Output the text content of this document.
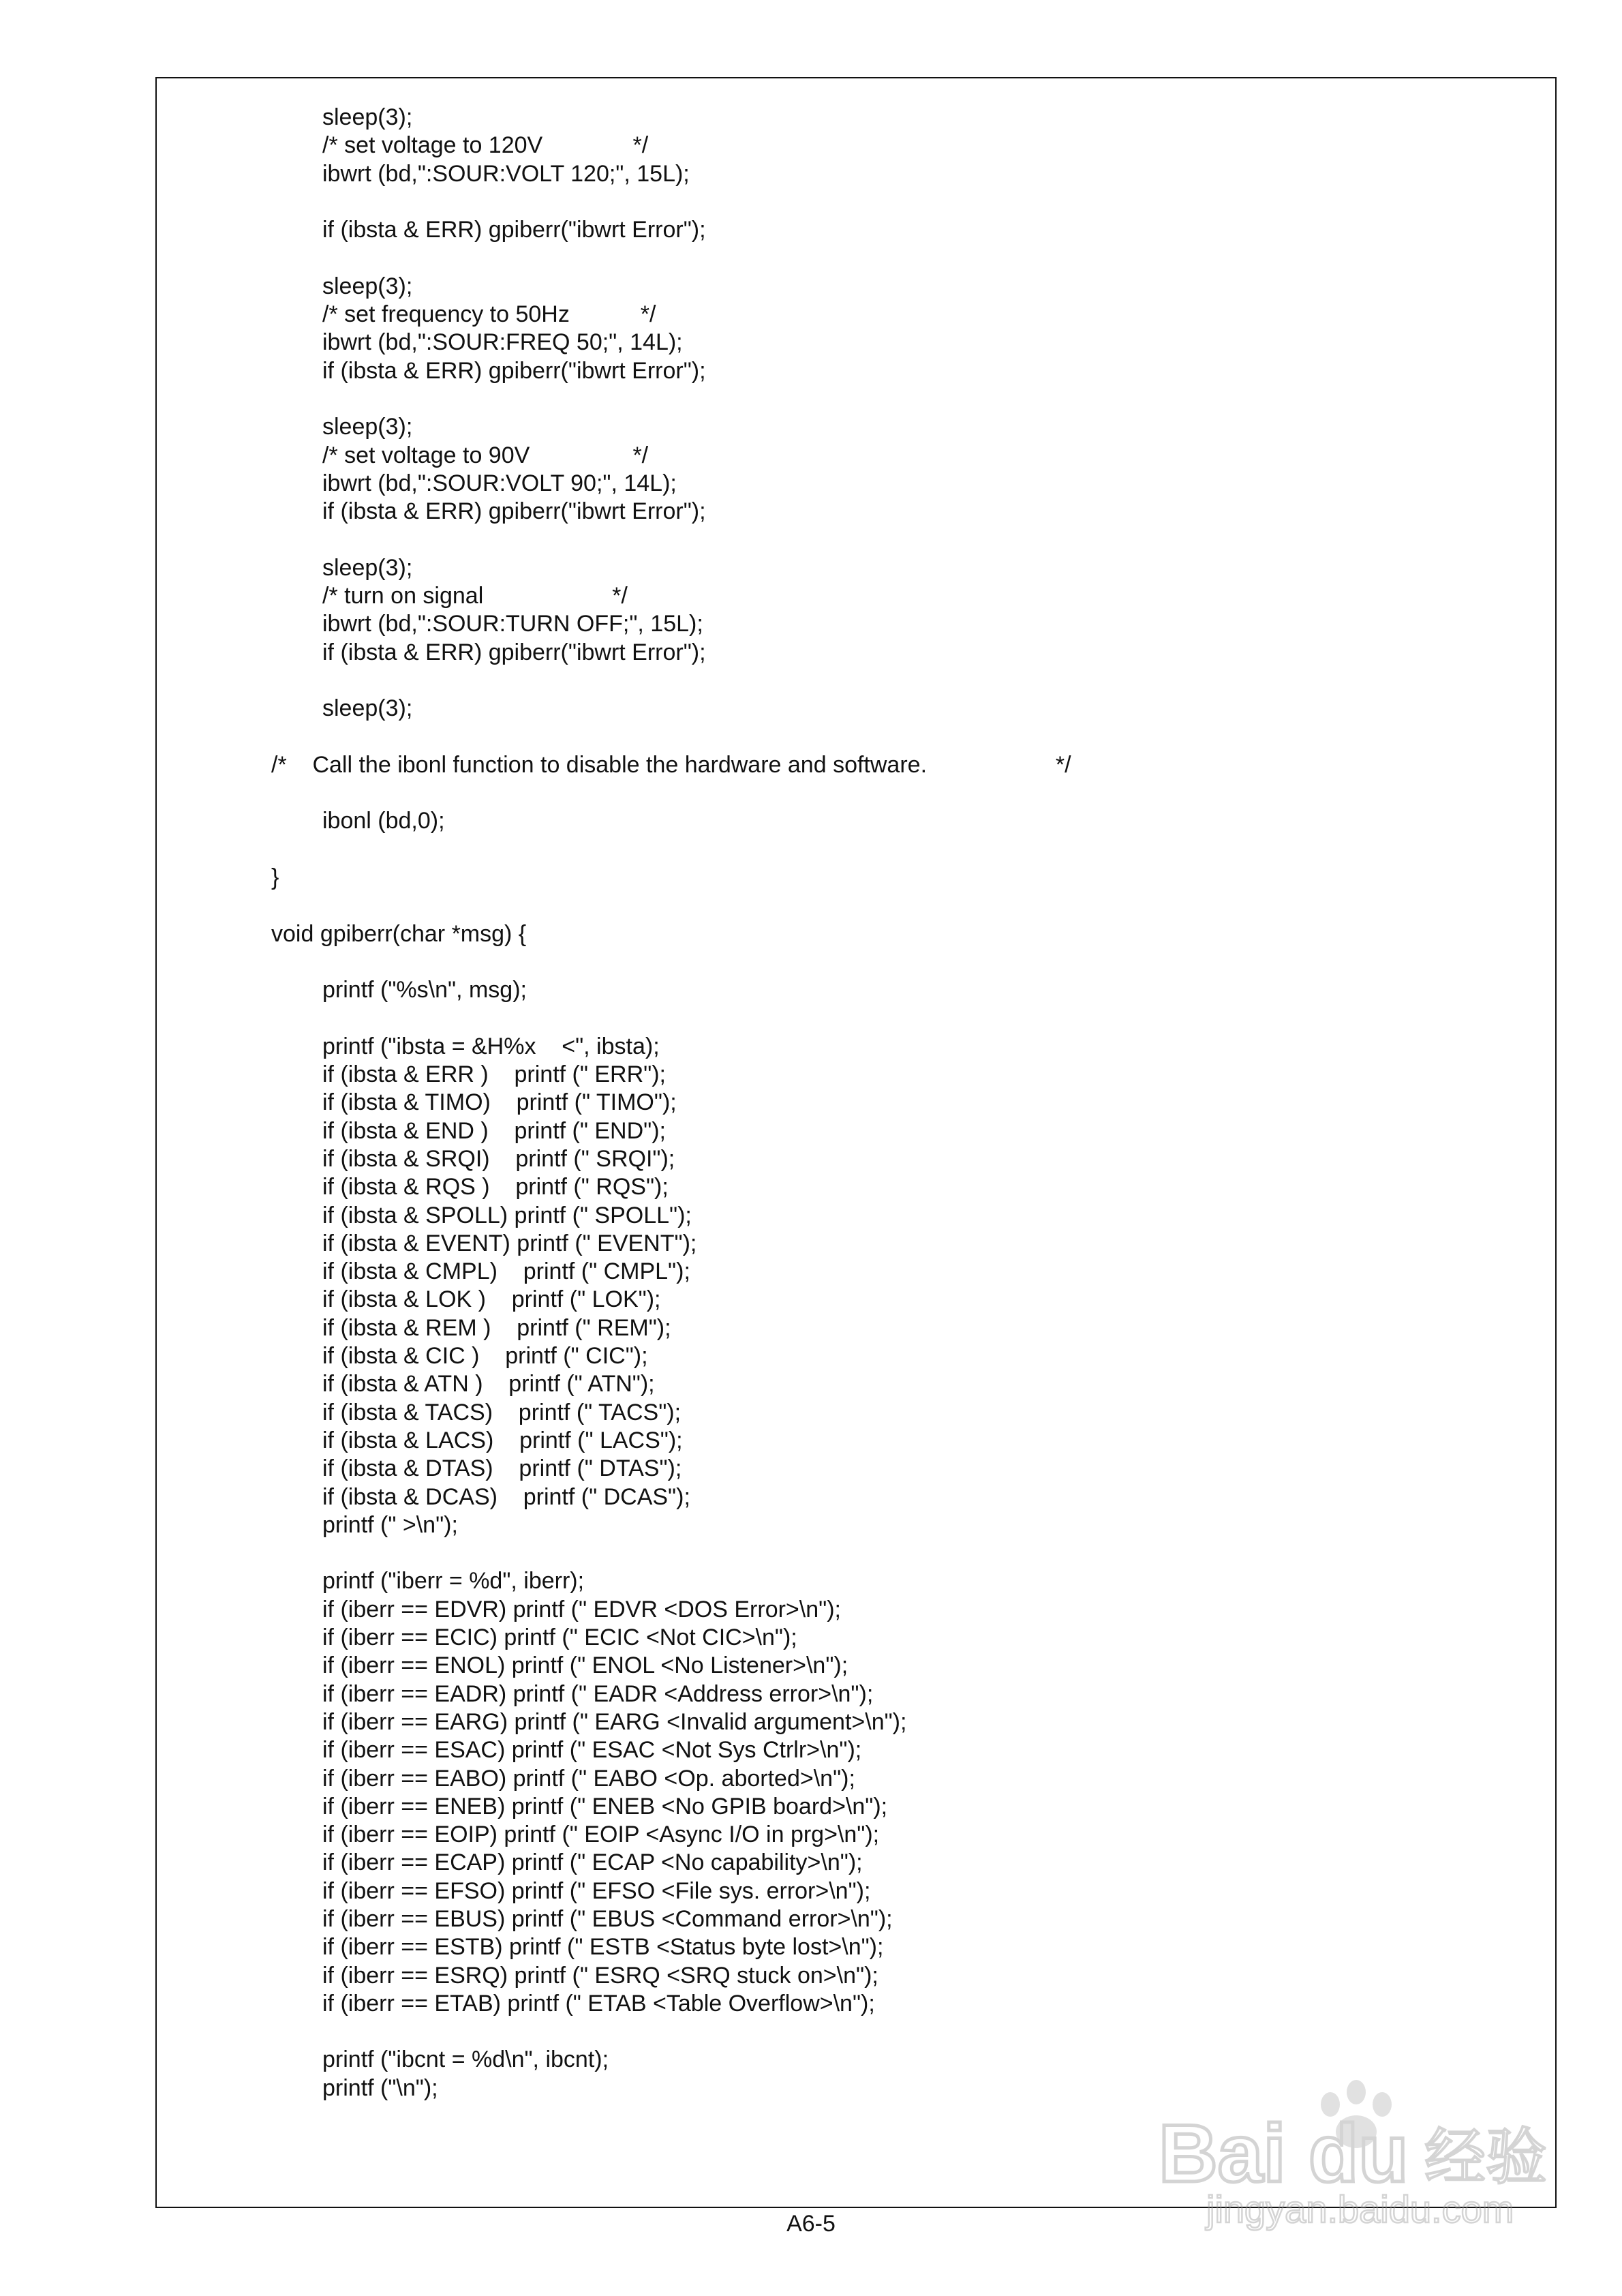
sleep(3);
/* set voltage to 120V              */
ibwrt (bd,":SOUR:VOLT 120;", 15L);
if (ibsta & ERR) gpiberr("ibwrt Error");
sleep(3);
/* set frequency to 50Hz           */
ibwrt (bd,":SOUR:FREQ 50;", 14L);
if (ibsta & ERR) gpiberr("ibwrt Error");
sleep(3);
/* set voltage to 90V                */
ibwrt (bd,":SOUR:VOLT 90;", 14L);
if (ibsta & ERR) gpiberr("ibwrt Error");
sleep(3);
/* turn on signal                    */
ibwrt (bd,":SOUR:TURN OFF;", 15L);
if (ibsta & ERR) gpiberr("ibwrt Error");
sleep(3);
/*    Call the ibonl function to disable the hardware and software.                    */
ibonl (bd,0);
}
void gpiberr(char *msg) {
printf ("%s\n", msg);
printf ("ibsta = &H%x    <", ibsta);
if (ibsta & ERR )    printf (" ERR");
if (ibsta & TIMO)    printf (" TIMO");
if (ibsta & END )    printf (" END");
if (ibsta & SRQI)    printf (" SRQI");
if (ibsta & RQS )    printf (" RQS");
if (ibsta & SPOLL) printf (" SPOLL");
if (ibsta & EVENT) printf (" EVENT");
if (ibsta & CMPL)    printf (" CMPL");
if (ibsta & LOK )    printf (" LOK");
if (ibsta & REM )    printf (" REM");
if (ibsta & CIC )    printf (" CIC");
if (ibsta & ATN )    printf (" ATN");
if (ibsta & TACS)    printf (" TACS");
if (ibsta & LACS)    printf (" LACS");
if (ibsta & DTAS)    printf (" DTAS");
if (ibsta & DCAS)    printf (" DCAS");
printf (" >\n");
printf ("iberr = %d", iberr);
if (iberr == EDVR) printf (" EDVR <DOS Error>\n");
if (iberr == ECIC) printf (" ECIC <Not CIC>\n");
if (iberr == ENOL) printf (" ENOL <No Listener>\n");
if (iberr == EADR) printf (" EADR <Address error>\n");
if (iberr == EARG) printf (" EARG <Invalid argument>\n");
if (iberr == ESAC) printf (" ESAC <Not Sys Ctrlr>\n");
if (iberr == EABO) printf (" EABO <Op. aborted>\n");
if (iberr == ENEB) printf (" ENEB <No GPIB board>\n");
if (iberr == EOIP) printf (" EOIP <Async I/O in prg>\n");
if (iberr == ECAP) printf (" ECAP <No capability>\n");
if (iberr == EFSO) printf (" EFSO <File sys. error>\n");
if (iberr == EBUS) printf (" EBUS <Command error>\n");
if (iberr == ESTB) printf (" ESTB <Status byte lost>\n");
if (iberr == ESRQ) printf (" ESRQ <SRQ stuck on>\n");
if (iberr == ETAB) printf (" ETAB <Table Overflow>\n");
printf ("ibcnt = %d\n", ibcnt);
printf ("\n");
A6-5
Bai du 经验
jingyan.baidu.com
